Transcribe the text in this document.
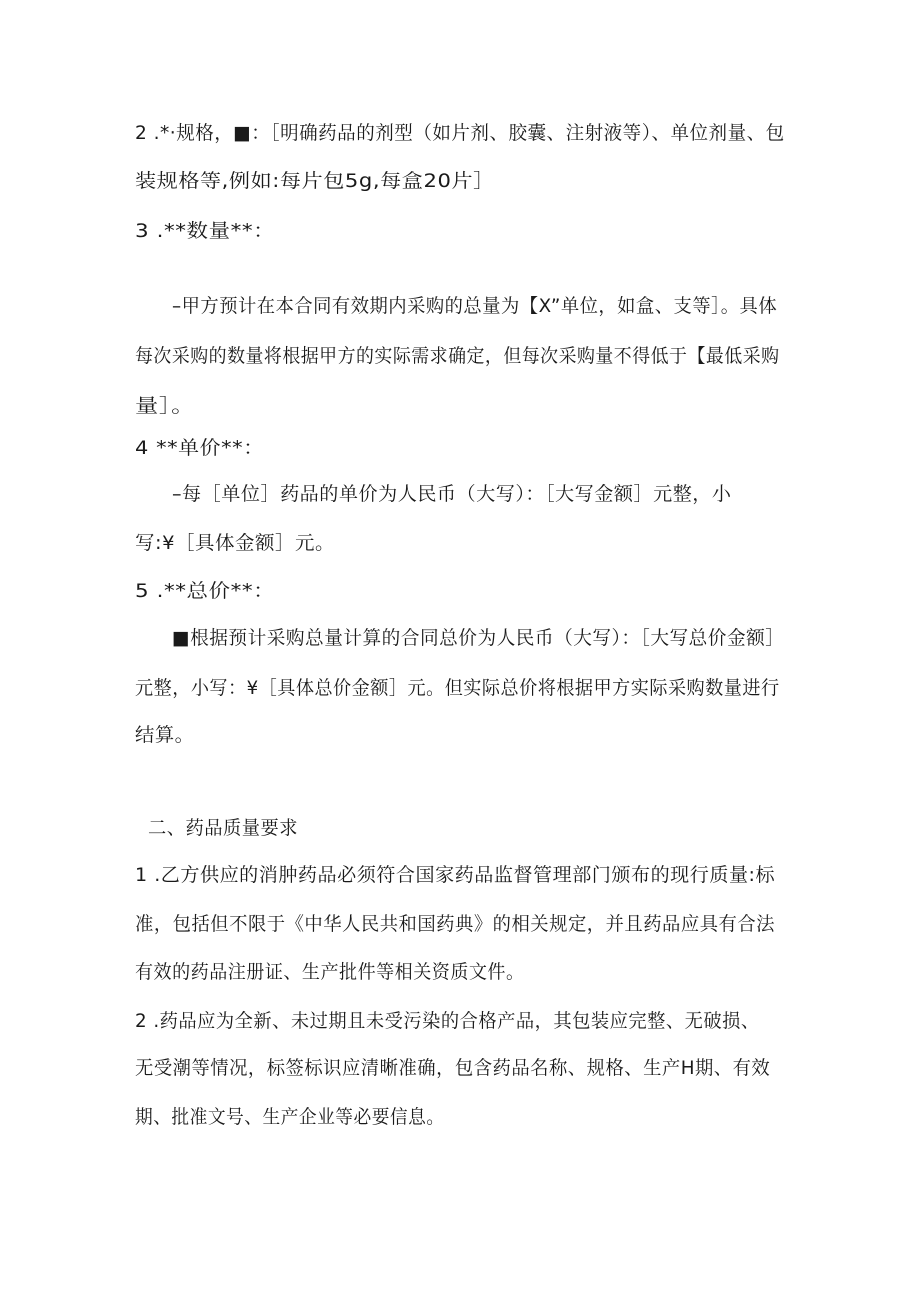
2 .*·规格，■：［明确药品的剂型（如片剂、胶囊、注射液等）、单位剂量、包
装规格等,例如:每片包5g,每盒20片］
3 .**数量**：
–甲方预计在本合同有效期内采购的总量为【X”单位，如盒、支等］。具体
每次采购的数量将根据甲方的实际需求确定，但每次采购量不得低于【最低采购
量］。
4 **单价**：
–每［单位］药品的单价为人民币（大写）：［大写金额］元整，小
写:¥［具体金额］元。
5 .**总价**：
■根据预计采购总量计算的合同总价为人民币（大写）：［大写总价金额］
元整，小写：¥［具体总价金额］元。但实际总价将根据甲方实际采购数量进行
结算。
二、药品质量要求
1 .乙方供应的消肿药品必须符合国家药品监督管理部门颁布的现行质量:标
准，包括但不限于《中华人民共和国药典》的相关规定，并且药品应具有合法
有效的药品注册证、生产批件等相关资质文件。
2 .药品应为全新、未过期且未受污染的合格产品，其包装应完整、无破损、
无受潮等情况，标签标识应清晰准确，包含药品名称、规格、生产H期、有效
期、批准文号、生产企业等必要信息。
